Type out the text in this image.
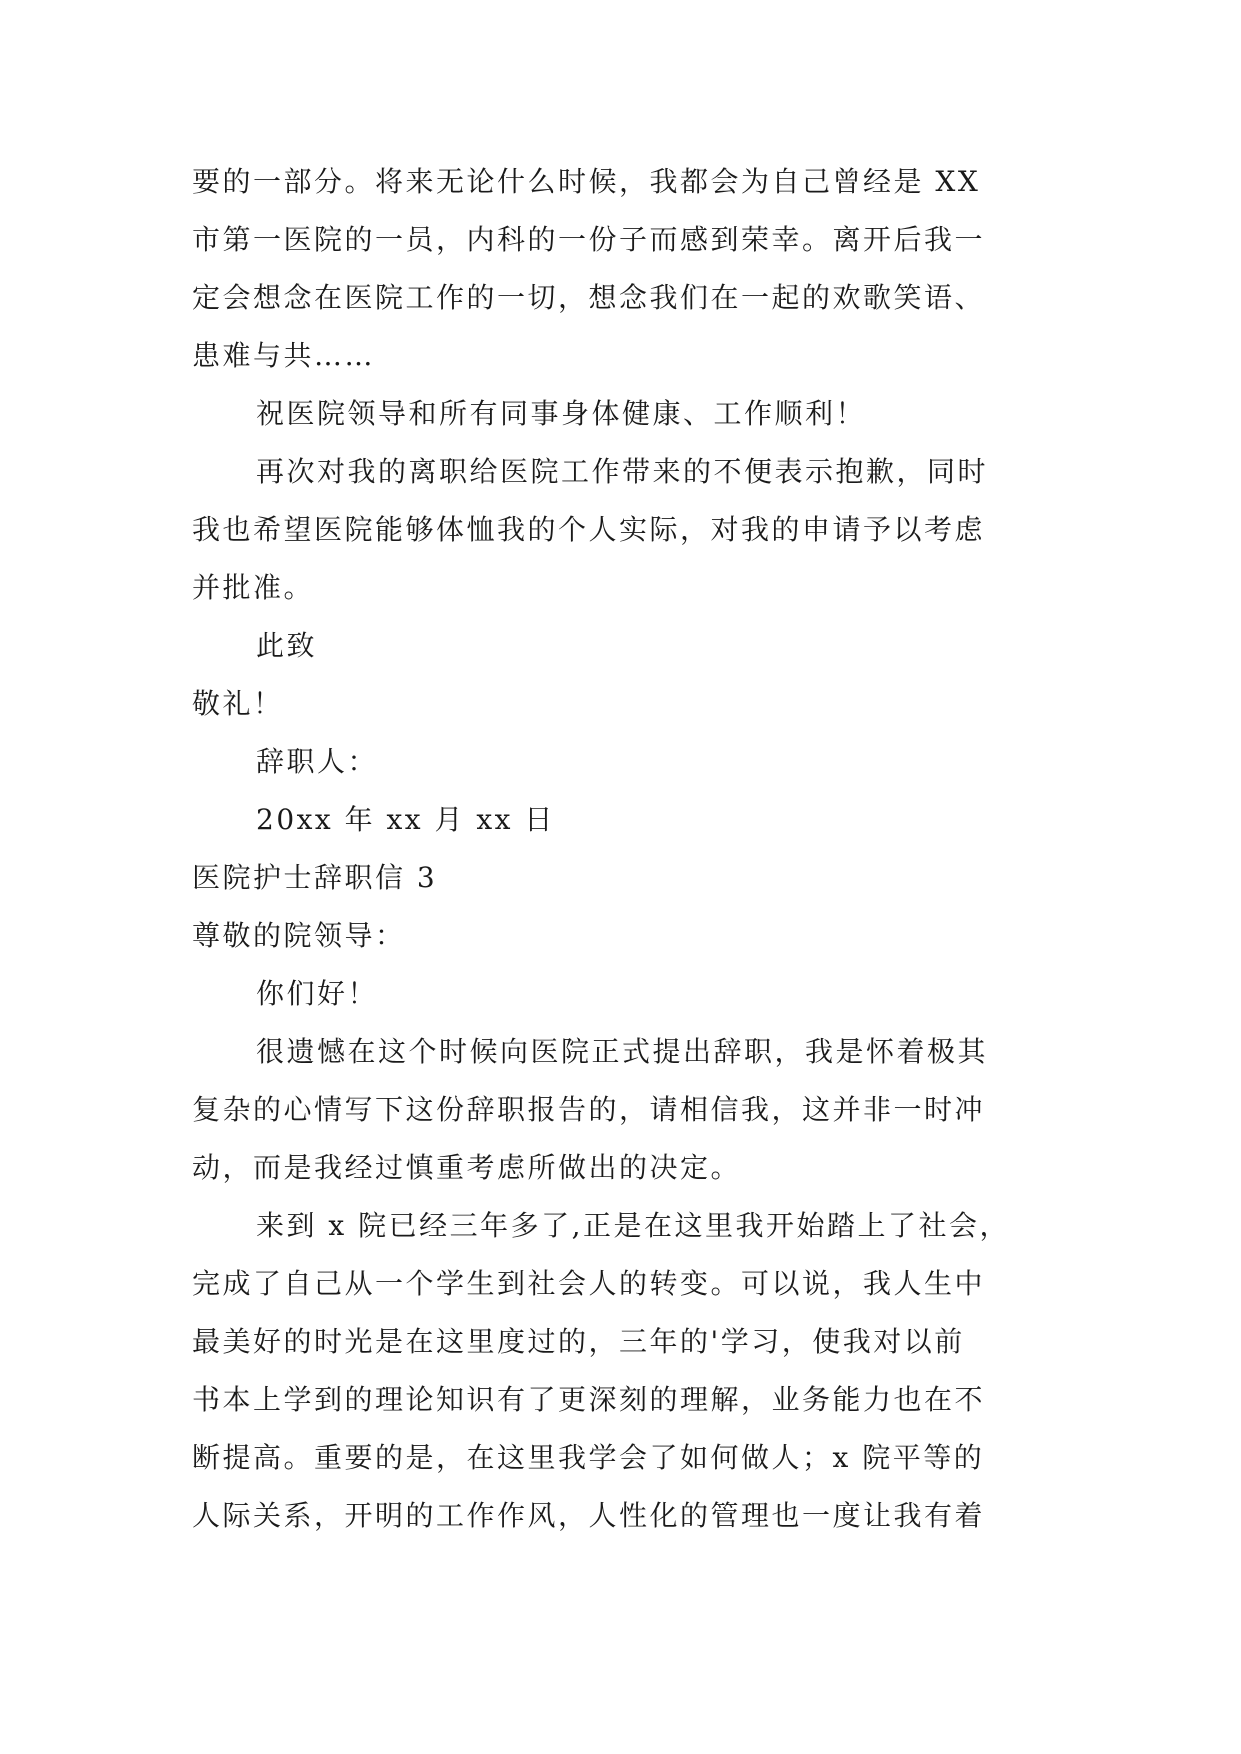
要的一部分。将来无论什么时候，我都会为自己曾经是 XX
市第一医院的一员，内科的一份子而感到荣幸。离开后我一
定会想念在医院工作的一切，想念我们在一起的欢歌笑语、
患难与共……
祝医院领导和所有同事身体健康、工作顺利！
再次对我的离职给医院工作带来的不便表示抱歉，同时
我也希望医院能够体恤我的个人实际，对我的申请予以考虑
并批准。
此致
敬礼！
辞职人：
20xx 年 xx 月 xx 日
医院护士辞职信 3
尊敬的院领导：
你们好！
很遗憾在这个时候向医院正式提出辞职，我是怀着极其
复杂的心情写下这份辞职报告的，请相信我，这并非一时冲
动，而是我经过慎重考虑所做出的决定。
来到 x 院已经三年多了,正是在这里我开始踏上了社会，
完成了自己从一个学生到社会人的转变。可以说，我人生中
最美好的时光是在这里度过的，三年的'学习，使我对以前
书本上学到的理论知识有了更深刻的理解，业务能力也在不
断提高。重要的是，在这里我学会了如何做人；x 院平等的
人际关系，开明的工作作风，人性化的管理也一度让我有着
